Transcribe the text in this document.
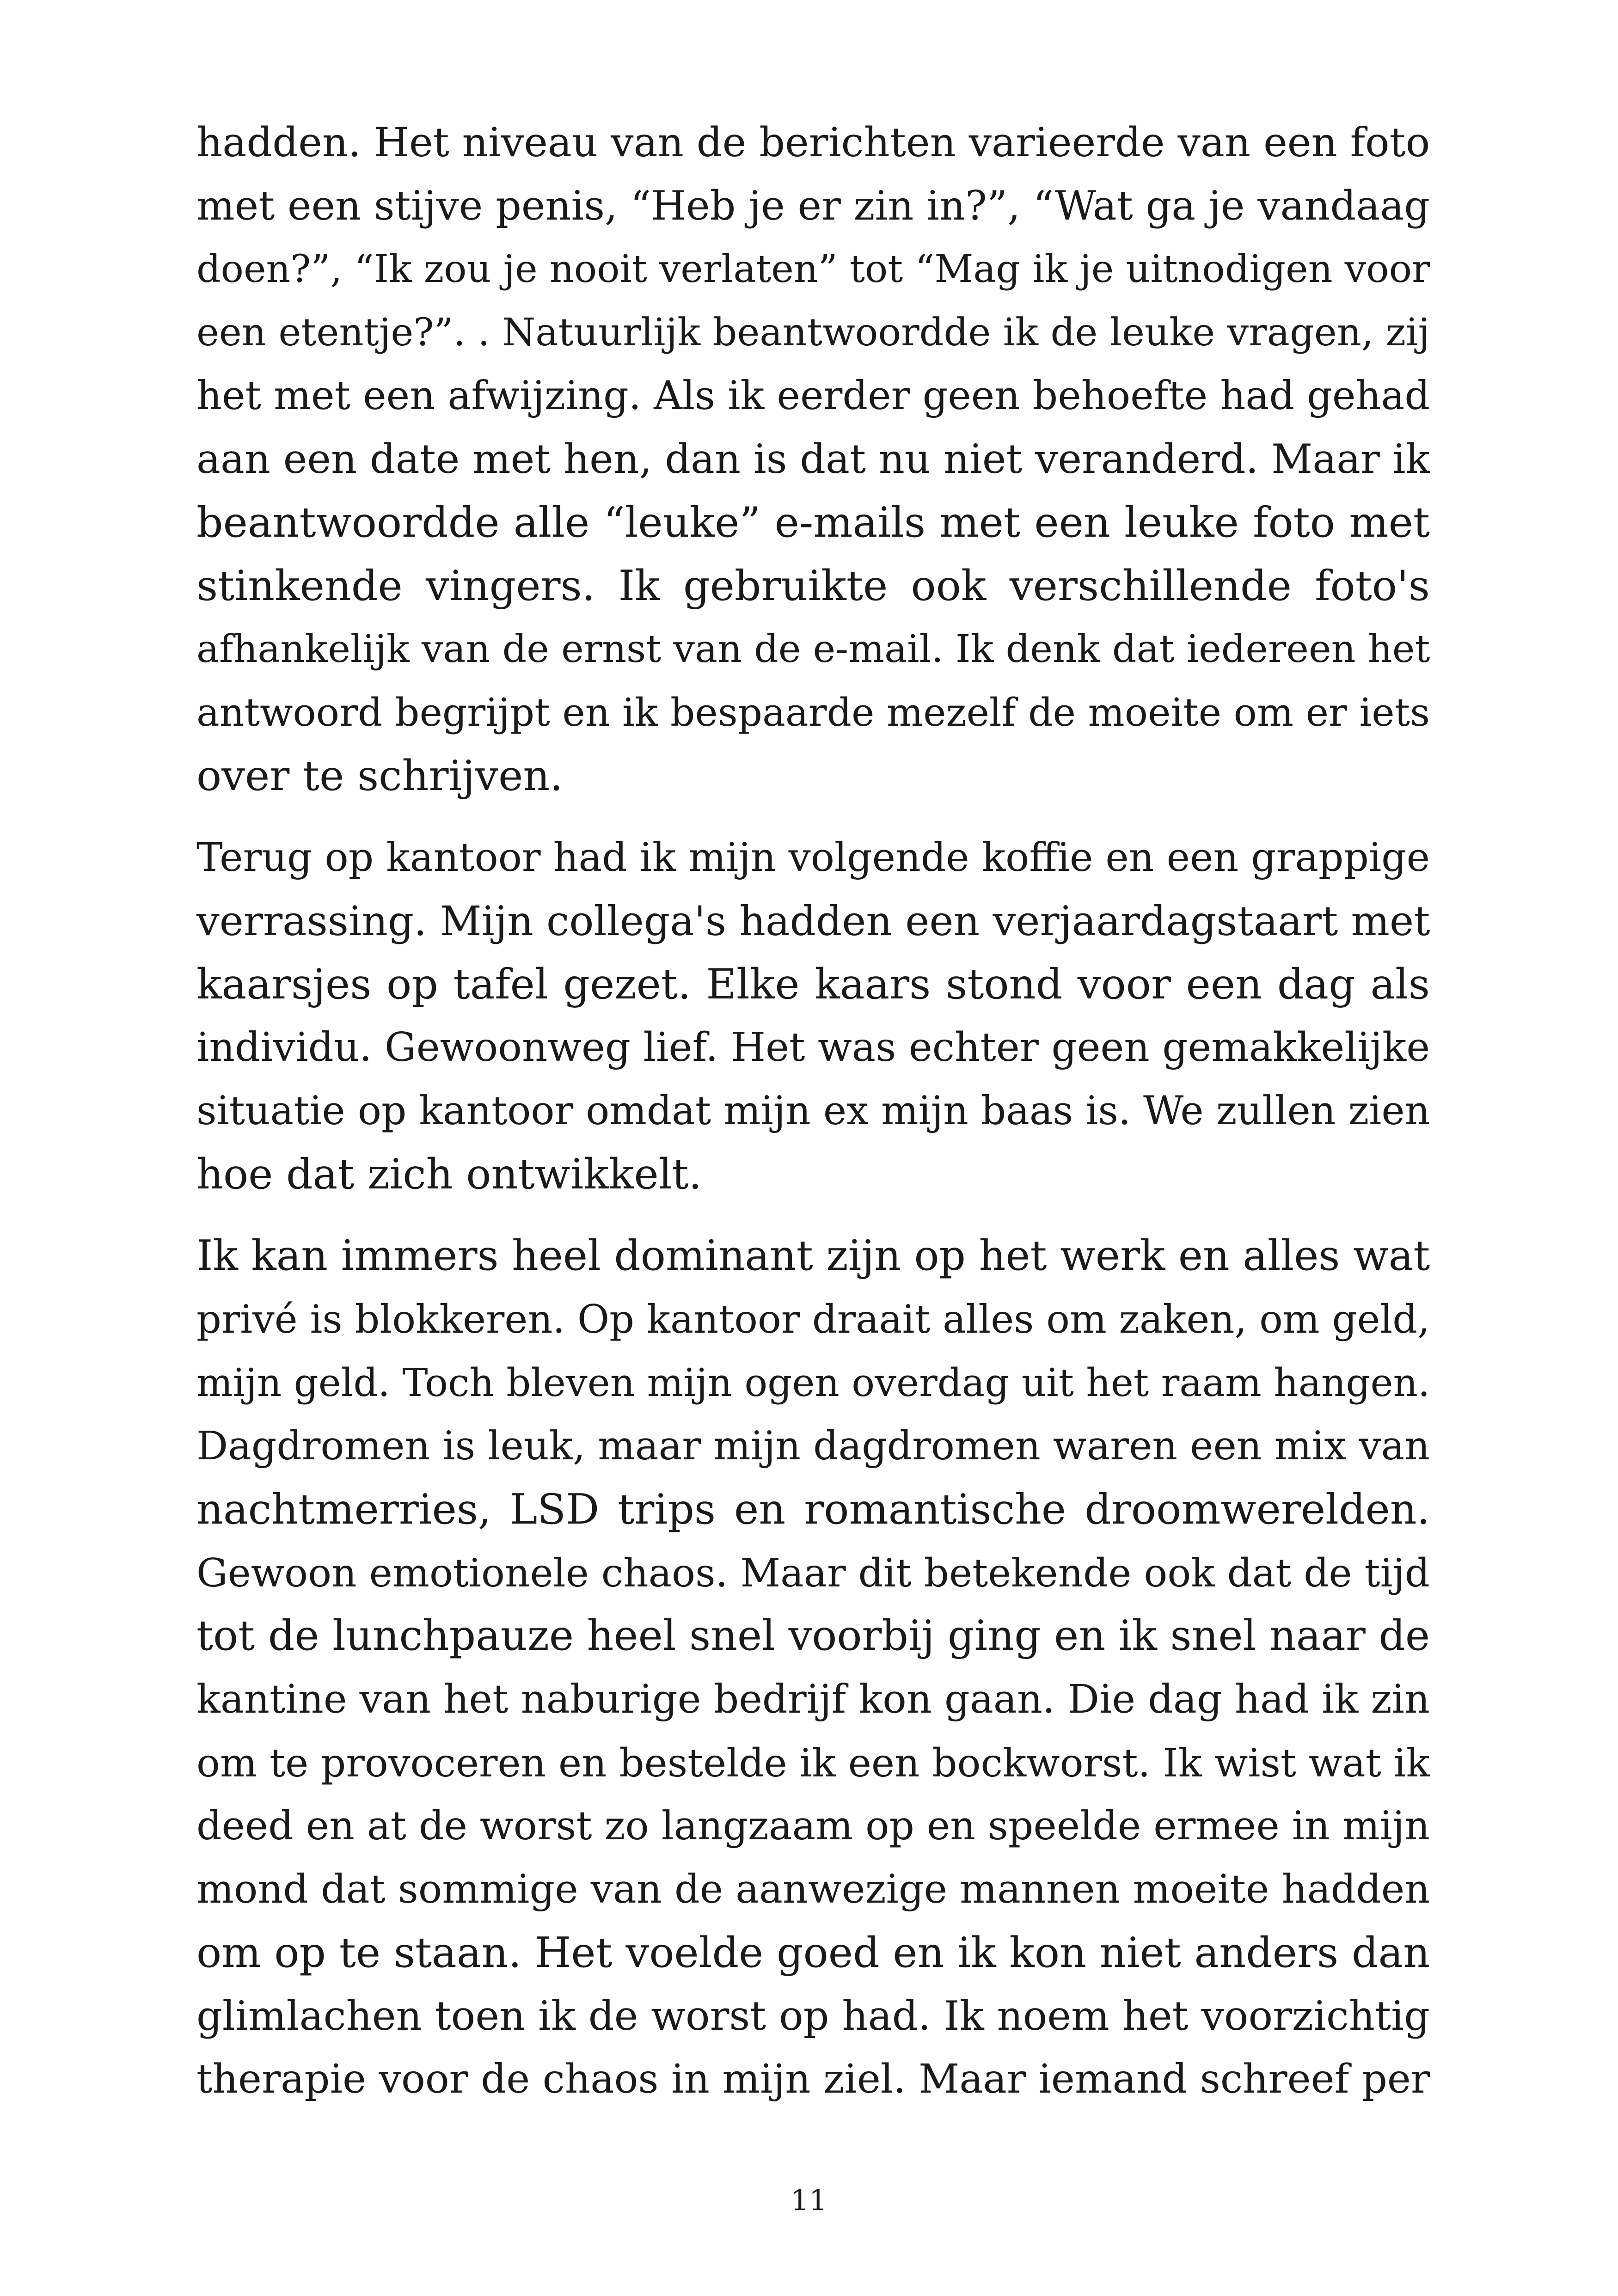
hadden. Het niveau van de berichten varieerde van een foto
met een stijve penis, “Heb je er zin in?”, “Wat ga je vandaag
doen?”, “Ik zou je nooit verlaten” tot “Mag ik je uitnodigen voor
een etentje?”. . Natuurlijk beantwoordde ik de leuke vragen, zij
het met een afwijzing. Als ik eerder geen behoefte had gehad
aan een date met hen, dan is dat nu niet veranderd. Maar ik
beantwoordde alle “leuke” e-mails met een leuke foto met
stinkende vingers. Ik gebruikte ook verschillende foto's
afhankelijk van de ernst van de e-mail. Ik denk dat iedereen het
antwoord begrijpt en ik bespaarde mezelf de moeite om er iets
over te schrijven.

Terug op kantoor had ik mijn volgende koffie en een grappige
verrassing. Mijn collega's hadden een verjaardagstaart met
kaarsjes op tafel gezet. Elke kaars stond voor een dag als
individu. Gewoonweg lief. Het was echter geen gemakkelijke
situatie op kantoor omdat mijn ex mijn baas is. We zullen zien
hoe dat zich ontwikkelt.

Ik kan immers heel dominant zijn op het werk en alles wat
privé is blokkeren. Op kantoor draait alles om zaken, om geld,
mijn geld. Toch bleven mijn ogen overdag uit het raam hangen.
Dagdromen is leuk, maar mijn dagdromen waren een mix van
nachtmerries, LSD trips en romantische droomwerelden.
Gewoon emotionele chaos. Maar dit betekende ook dat de tijd
tot de lunchpauze heel snel voorbij ging en ik snel naar de
kantine van het naburige bedrijf kon gaan. Die dag had ik zin
om te provoceren en bestelde ik een bockworst. Ik wist wat ik
deed en at de worst zo langzaam op en speelde ermee in mijn
mond dat sommige van de aanwezige mannen moeite hadden
om op te staan. Het voelde goed en ik kon niet anders dan
glimlachen toen ik de worst op had. Ik noem het voorzichtig
therapie voor de chaos in mijn ziel. Maar iemand schreef per

11
